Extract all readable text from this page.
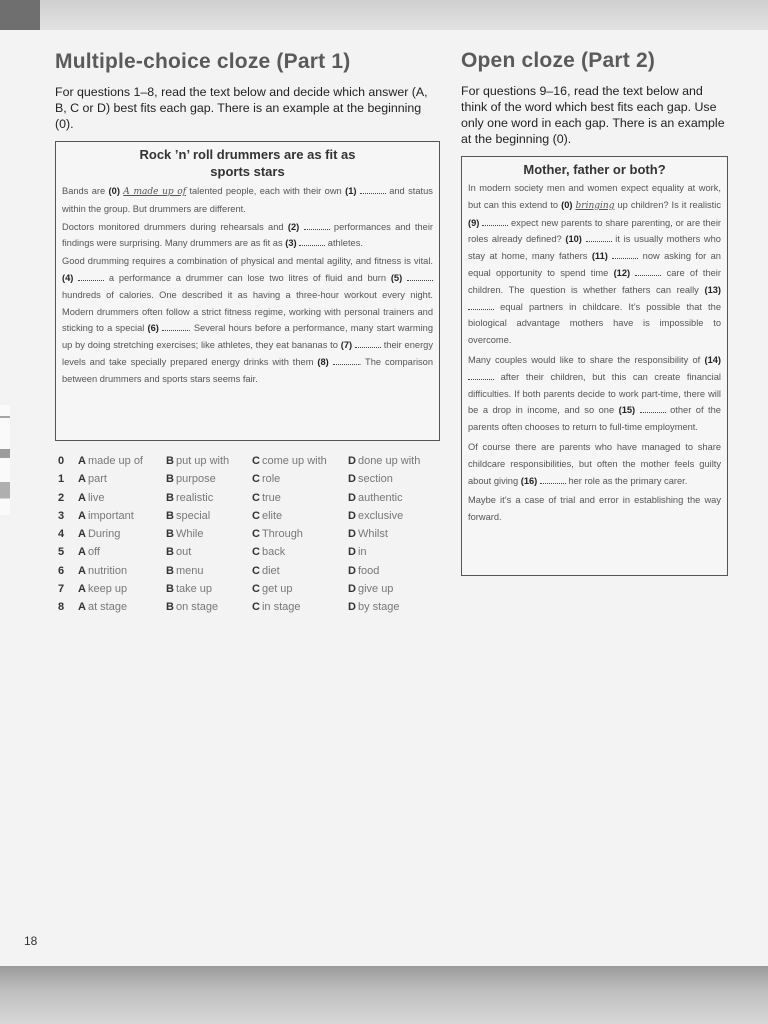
Multiple-choice cloze (Part 1)
For questions 1–8, read the text below and decide which answer (A, B, C or D) best fits each gap. There is an example at the beginning (0).
Rock ’n’ roll drummers are as fit as sports stars

Bands are (0) A made up of talented people, each with their own (1)	and status within the group. But drummers are different.

Doctors monitored drummers during rehearsals and (2)	performances and their findings were surprising. Many drummers are as fit as (3)	athletes.

Good drumming requires a combination of physical and mental agility, and fitness is vital. (4)	a performance a drummer can lose two litres of fluid and burn (5)  hundreds of calories. One described it as having a three-hour workout every night. Modern drummers often follow a strict fitness regime, working with personal trainers and sticking to a special (6)	. Several hours before a performance, many start warming up by doing stretching exercises; like athletes, they eat bananas to (7)	their energy levels and take specially prepared energy drinks with them (8)	. The comparison between drummers and sports stars seems fair.

0	A made up of	B put up with	C come up with	D done up with
1	A part	B purpose	C role	D section
2	A live	B realistic	C true	D authentic
3	A important	B special	C elite	D exclusive
4	A During	B While	C Through	D Whilst
5	A off	B out	C back	D in
6	A nutrition	B menu	C diet	D food
7	A keep up	B take up	C get up	D give up
8	A at stage	B on stage	C in stage	D by stage
Open cloze (Part 2)
For questions 9–16, read the text below and think of the word which best fits each gap. Use only one word in each gap. There is an example at the beginning (0).
Mother, father or both?

In modern society men and women expect equality at work, but can this extend to (0) bringing up children? Is it realistic (9)	expect new parents to share parenting, or are their roles already defined? (10)	it is usually mothers who stay at home, many fathers (11)	now asking for an equal opportunity to spend time (12)	care of their children. The question is whether fathers can really (13)  equal partners in childcare. It’s possible that the biological advantage mothers have is impossible to overcome.

Many couples would like to share the responsibility of (14)  after their children, but this can create financial difficulties. If both parents decide to work part-time, there will be a drop in income, and so one (15)	other of the parents often chooses to return to full-time employment.

Of course there are parents who have managed to share childcare responsibilities, but often the mother feels guilty about giving (16)	her role as the primary carer.

Maybe it’s a case of trial and error in establishing the way forward.

18
